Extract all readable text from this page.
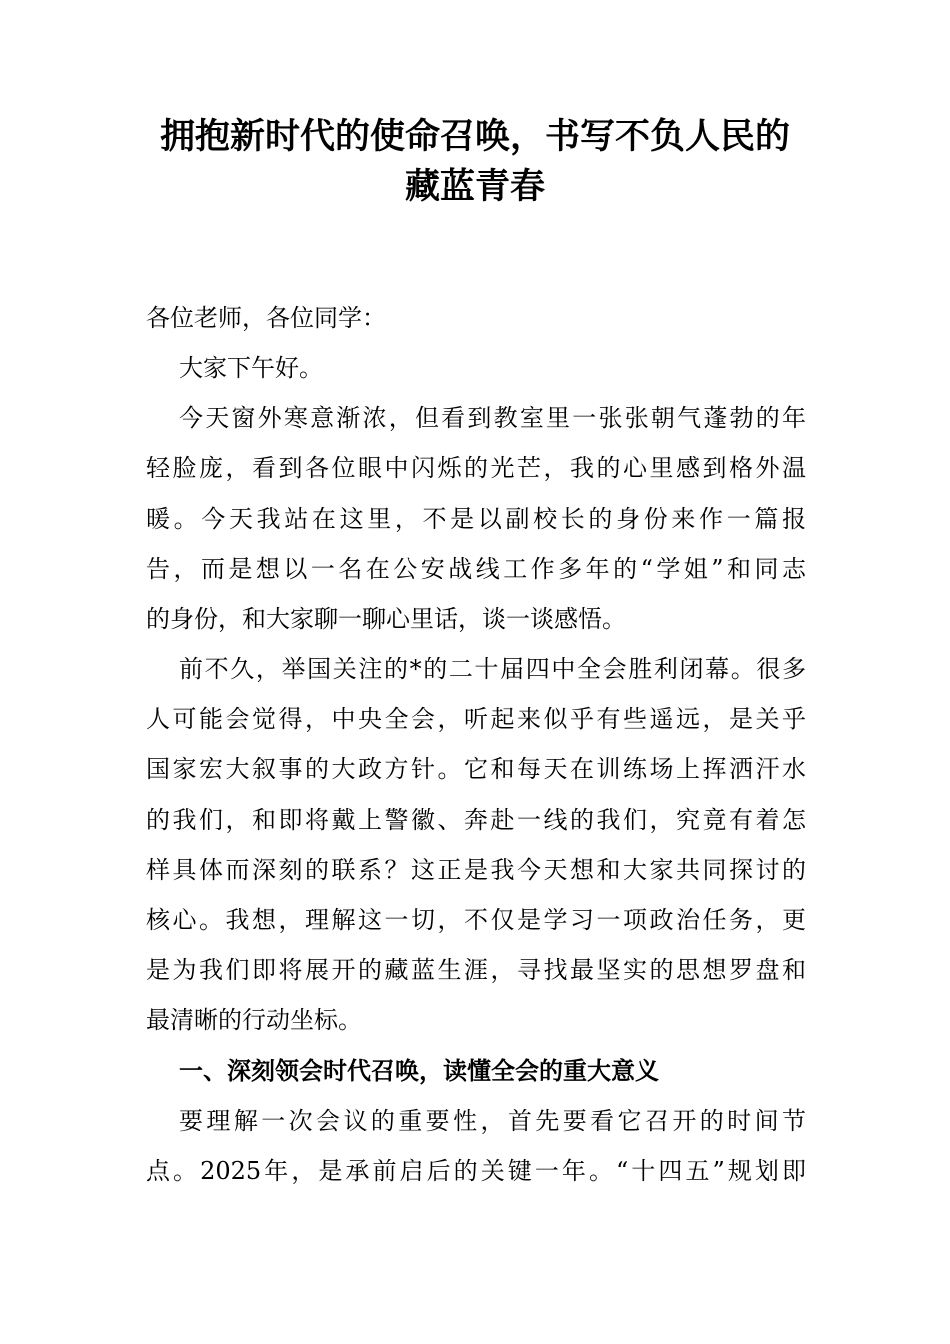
拥抱新时代的使命召唤，书写不负人民的
藏蓝青春
各位老师，各位同学：
大家下午好。
今天窗外寒意渐浓，但看到教室里一张张朝气蓬勃的年
轻脸庞，看到各位眼中闪烁的光芒，我的心里感到格外温
暖。今天我站在这里，不是以副校长的身份来作一篇报
告，而是想以一名在公安战线工作多年的“学姐”和同志
的身份，和大家聊一聊心里话，谈一谈感悟。
前不久，举国关注的*的二十届四中全会胜利闭幕。很多
人可能会觉得，中央全会，听起来似乎有些遥远，是关乎
国家宏大叙事的大政方针。它和每天在训练场上挥洒汗水
的我们，和即将戴上警徽、奔赴一线的我们，究竟有着怎
样具体而深刻的联系？这正是我今天想和大家共同探讨的
核心。我想，理解这一切，不仅是学习一项政治任务，更
是为我们即将展开的藏蓝生涯，寻找最坚实的思想罗盘和
最清晰的行动坐标。
一、深刻领会时代召唤，读懂全会的重大意义
要理解一次会议的重要性，首先要看它召开的时间节
点。2025年，是承前启后的关键一年。“十四五”规划即
